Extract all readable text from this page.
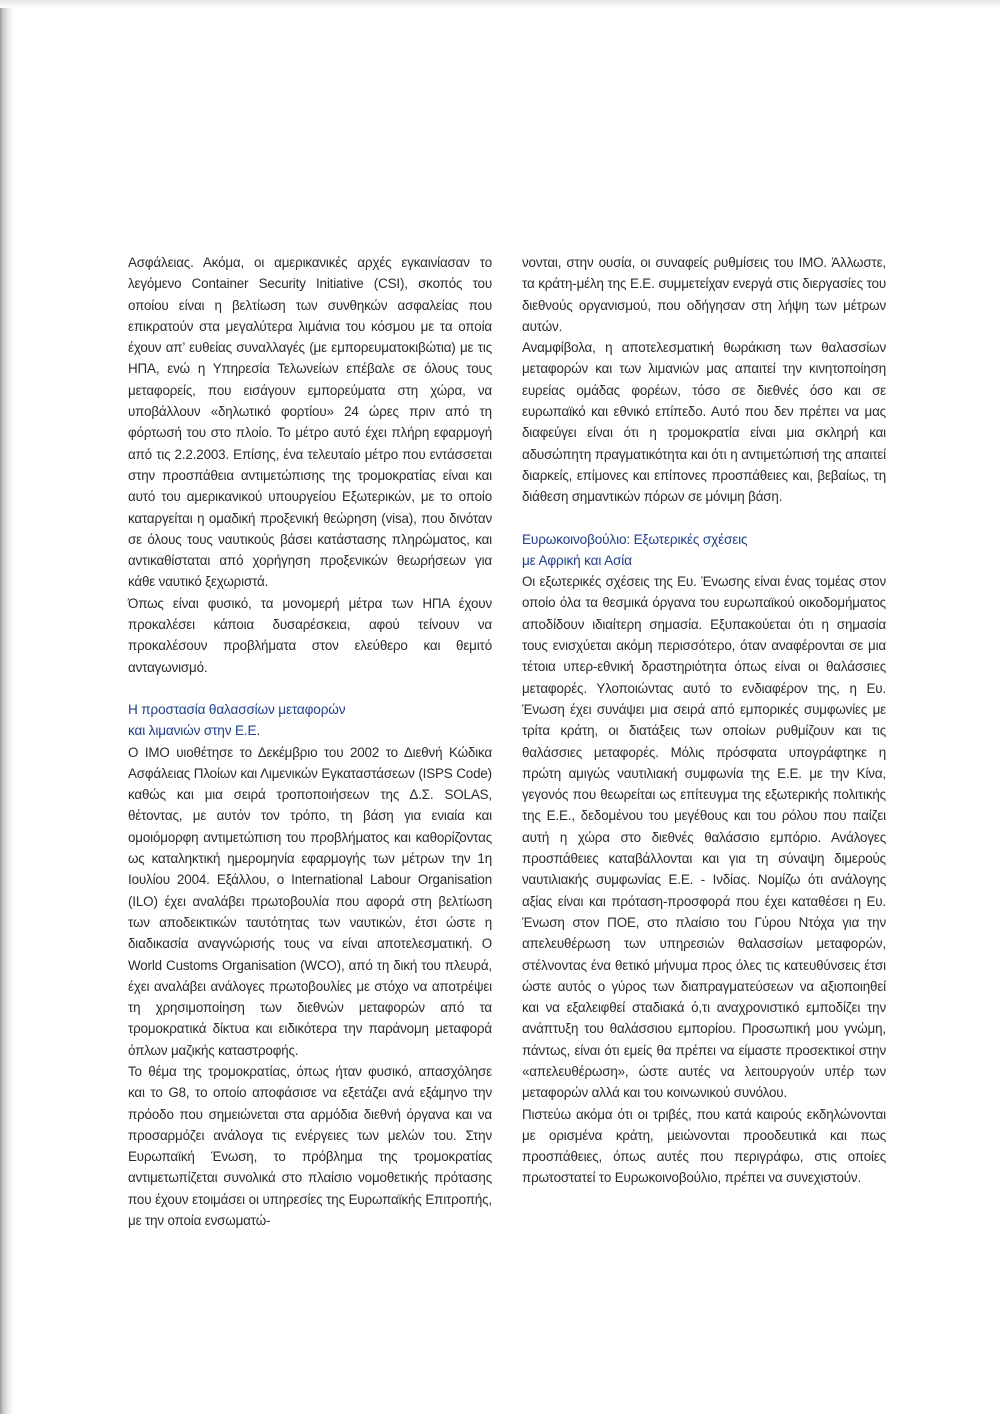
Ασφάλειας. Ακόμα, οι αμερικανικές αρχές εγκαινίασαν το λεγόμενο Container Security Initiative (CSI), σκοπός του οποίου είναι η βελτίωση των συνθηκών ασφαλείας που επικρατούν στα μεγαλύτερα λιμάνια του κόσμου με τα οποία έχουν απ’ ευθείας συναλλαγές (με εμπορευματοκιβώτια) με τις ΗΠΑ, ενώ η Υπηρεσία Τελωνείων επέβαλε σε όλους τους μεταφορείς, που εισάγουν εμπορεύματα στη χώρα, να υποβάλλουν «δηλωτικό φορτίου» 24 ώρες πριν από τη φόρτωσή του στο πλοίο. Το μέτρο αυτό έχει πλήρη εφαρμογή από τις 2.2.2003. Επίσης, ένα τελευταίο μέτρο που εντάσσεται στην προσπάθεια αντιμετώπισης της τρομοκρατίας είναι και αυτό του αμερικανικού υπουργείου Εξωτερικών, με το οποίο καταργείται η ομαδική προξενική θεώρηση (visa), που δινόταν σε όλους τους ναυτικούς βάσει κατάστασης πληρώματος, και αντικαθίσταται από χορήγηση προξενικών θεωρήσεων για κάθε ναυτικό ξεχωριστά.

Όπως είναι φυσικό, τα μονομερή μέτρα των ΗΠΑ έχουν προκαλέσει κάποια δυσαρέσκεια, αφού τείνουν να προκαλέσουν προβλήματα στον ελεύθερο και θεμιτό ανταγωνισμό.

Η προστασία θαλασσίων μεταφορών
και λιμανιών στην Ε.Ε.

Ο ΙΜΟ υιοθέτησε το Δεκέμβριο του 2002 το Διεθνή Κώδικα Ασφάλειας Πλοίων και Λιμενικών Εγκαταστάσεων (ISPS Code) καθώς και μια σειρά τροποποιήσεων της Δ.Σ. SOLAS, θέτοντας, με αυτόν τον τρόπο, τη βάση για ενιαία και ομοιόμορφη αντιμετώπιση του προβλήματος και καθορίζοντας ως καταληκτική ημερομηνία εφαρμογής των μέτρων την 1η Ιουλίου 2004. Εξάλλου, ο International Labour Organisation (ILO) έχει αναλάβει πρωτοβουλία που αφορά στη βελτίωση των αποδεικτικών ταυτότητας των ναυτικών, έτσι ώστε η διαδικασία αναγνώρισής τους να είναι αποτελεσματική. Ο World Customs Organisation (WCO), από τη δική του πλευρά, έχει αναλάβει ανάλογες πρωτοβουλίες με στόχο να αποτρέψει τη χρησιμοποίηση των διεθνών μεταφορών από τα τρομοκρατικά δίκτυα και ειδικότερα την παράνομη μεταφορά όπλων μαζικής καταστροφής.

Το θέμα της τρομοκρατίας, όπως ήταν φυσικό, απασχόλησε και το G8, το οποίο αποφάσισε να εξετάζει ανά εξάμηνο την πρόοδο που σημειώνεται στα αρμόδια διεθνή όργανα και να προσαρμόζει ανάλογα τις ενέργειες των μελών του. Στην Ευρωπαϊκή Ένωση, το πρόβλημα της τρομοκρατίας αντιμετωπίζεται συνολικά στο πλαίσιο νομοθετικής πρότασης που έχουν ετοιμάσει οι υπηρεσίες της Ευρωπαϊκής Επιτροπής, με την οποία ενσωματώ-

νονται, στην ουσία, οι συναφείς ρυθμίσεις του ΙΜΟ. Άλλωστε, τα κράτη-μέλη της Ε.Ε. συμμετείχαν ενεργά στις διεργασίες του διεθνούς οργανισμού, που οδήγησαν στη λήψη των μέτρων αυτών.

Αναμφίβολα, η αποτελεσματική θωράκιση των θαλασσίων μεταφορών και των λιμανιών μας απαιτεί την κινητοποίηση ευρείας ομάδας φορέων, τόσο σε διεθνές όσο και σε ευρωπαϊκό και εθνικό επίπεδο. Αυτό που δεν πρέπει να μας διαφεύγει είναι ότι η τρομοκρατία είναι μια σκληρή και αδυσώπητη πραγματικότητα και ότι η αντιμετώπισή της απαιτεί διαρκείς, επίμονες και επίπονες προσπάθειες και, βεβαίως, τη διάθεση σημαντικών πόρων σε μόνιμη βάση.

Ευρωκοινοβούλιο: Εξωτερικές σχέσεις
με Αφρική και Ασία

Οι εξωτερικές σχέσεις της Ευ. Ένωσης είναι ένας τομέας στον οποίο όλα τα θεσμικά όργανα του ευρωπαϊκού οικοδομήματος αποδίδουν ιδιαίτερη σημασία. Εξυπακούεται ότι η σημασία τους ενισχύεται ακόμη περισσότερο, όταν αναφέρονται σε μια τέτοια υπερ-εθνική δραστηριότητα όπως είναι οι θαλάσσιες μεταφορές. Υλοποιώντας αυτό το ενδιαφέρον της, η Ευ. Ένωση έχει συνάψει μια σειρά από εμπορικές συμφωνίες με τρίτα κράτη, οι διατάξεις των οποίων ρυθμίζουν και τις θαλάσσιες μεταφορές. Μόλις πρόσφατα υπογράφτηκε η πρώτη αμιγώς ναυτιλιακή συμφωνία της Ε.Ε. με την Κίνα, γεγονός που θεωρείται ως επίτευγμα της εξωτερικής πολιτικής της Ε.Ε., δεδομένου του μεγέθους και του ρόλου που παίζει αυτή η χώρα στο διεθνές θαλάσσιο εμπόριο. Ανάλογες προσπάθειες καταβάλλονται και για τη σύναψη διμερούς ναυτιλιακής συμφωνίας Ε.Ε. - Ινδίας. Νομίζω ότι ανάλογης αξίας είναι και πρόταση-προσφορά που έχει καταθέσει η Ευ. Ένωση στον ΠΟΕ, στο πλαίσιο του Γύρου Ντόχα για την απελευθέρωση των υπηρεσιών θαλασσίων μεταφορών, στέλνοντας ένα θετικό μήνυμα προς όλες τις κατευθύνσεις έτσι ώστε αυτός ο γύρος των διαπραγματεύσεων να αξιοποιηθεί και να εξαλειφθεί σταδιακά ό,τι αναχρονιστικό εμποδίζει την ανάπτυξη του θαλάσσιου εμπορίου. Προσωπική μου γνώμη, πάντως, είναι ότι εμείς θα πρέπει να είμαστε προσεκτικοί στην «απελευθέρωση», ώστε αυτές να λειτουργούν υπέρ των μεταφορών αλλά και του κοινωνικού συνόλου.

Πιστεύω ακόμα ότι οι τριβές, που κατά καιρούς εκδηλώνονται με ορισμένα κράτη, μειώνονται προοδευτικά και πως προσπάθειες, όπως αυτές που περιγράφω, στις οποίες πρωτοστατεί το Ευρωκοινοβούλιο, πρέπει να συνεχιστούν.
